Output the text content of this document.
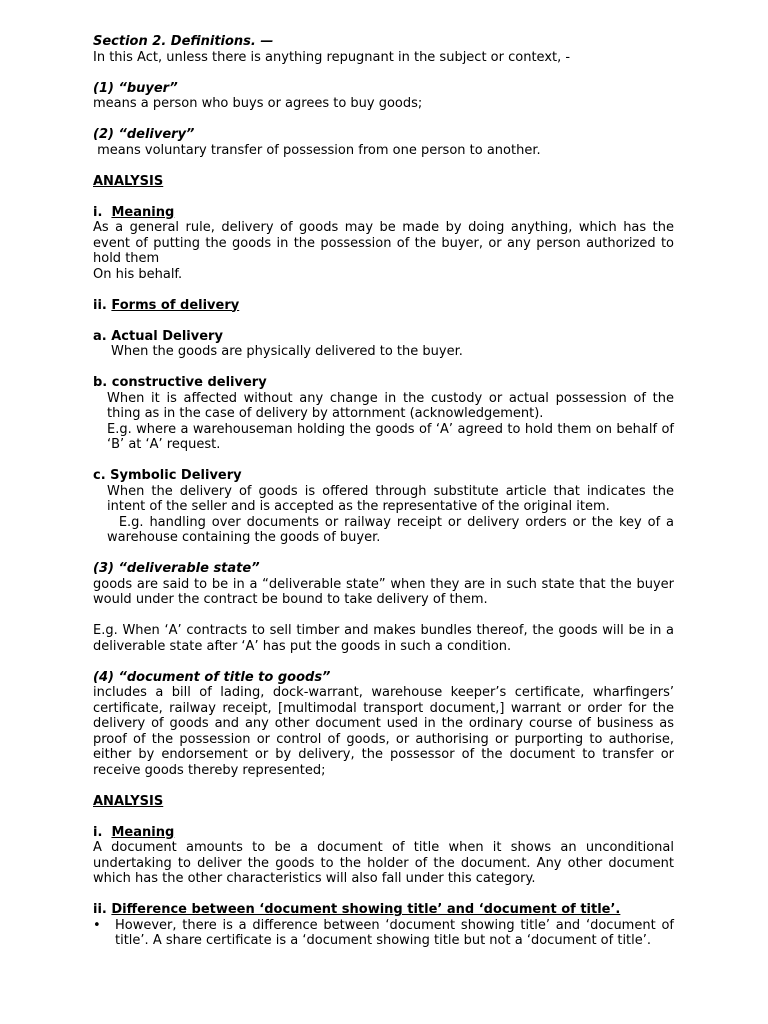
Section 2. Definitions. —

In this Act, unless there is anything repugnant in the subject or context, -

(1) “buyer”

means a person who buys or agrees to buy goods;

(2) “delivery”

means voluntary transfer of possession from one person to another.

ANALYSIS

i.  Meaning

As a general rule, delivery of goods may be made by doing anything, which has the event of putting the goods in the possession of the buyer, or any person authorized to hold them

On his behalf.

ii. Forms of delivery

a. Actual Delivery

When the goods are physically delivered to the buyer.

b. constructive delivery

When it is affected without any change in the custody or actual possession of the thing as in the case of delivery by attornment (acknowledgement).

E.g. where a warehouseman holding the goods of ‘A’ agreed to hold them on behalf of ‘B’ at ‘A’ request.

c. Symbolic Delivery

When the delivery of goods is offered through substitute article that indicates the intent of the seller and is accepted as the representative of the original item.

E.g. handling over documents or railway receipt or delivery orders or the key of a warehouse containing the goods of buyer.

(3) “deliverable state”

goods are said to be in a “deliverable state” when they are in such state that the buyer would under the contract be bound to take delivery of them.

E.g. When ‘A’ contracts to sell timber and makes bundles thereof, the goods will be in a deliverable state after ‘A’ has put the goods in such a condition.

(4) “document of title to goods”

includes a bill of lading, dock-warrant, warehouse keeper’s certificate, wharfingers’ certificate, railway receipt, [multimodal transport document,] warrant or order for the delivery of goods and any other document used in the ordinary course of business as proof of the possession or control of goods, or authorising or purporting to authorise, either by endorsement or by delivery, the possessor of the document to transfer or receive goods thereby represented;

ANALYSIS

i.  Meaning

A document amounts to be a document of title when it shows an unconditional undertaking to deliver the goods to the holder of the document. Any other document which has the other characteristics will also fall under this category.

ii. Difference between ‘document showing title’ and ‘document of title’.

• However, there is a difference between ‘document showing title’ and ‘document of title’. A share certificate is a ‘document showing title but not a ‘document of title’.
